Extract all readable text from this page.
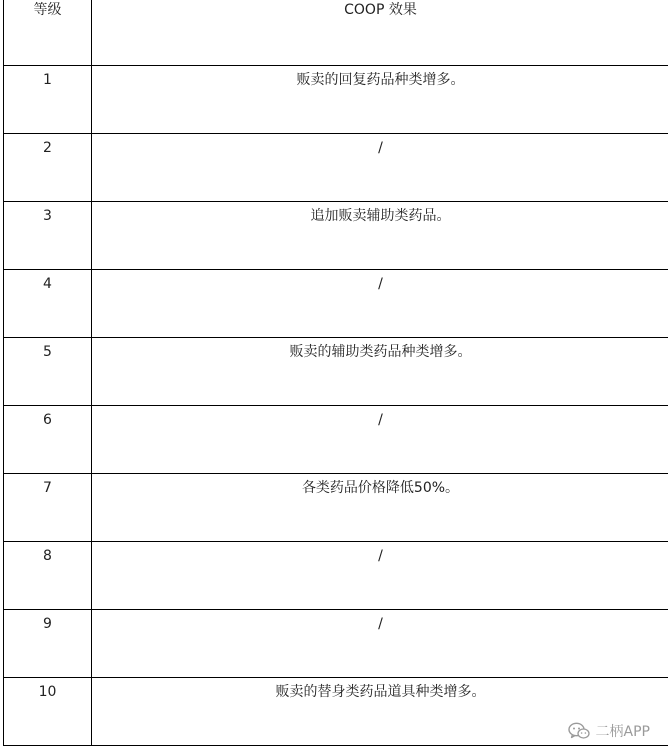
等级	COOP 效果

1	贩卖的回复药品种类增多。

2	/

3	追加贩卖辅助类药品。

4	/

5	贩卖的辅助类药品种类增多。

6	/

7	各类药品价格降低50%。

8	/

9	/

10	贩卖的替身类药品道具种类增多。
二柄APP
